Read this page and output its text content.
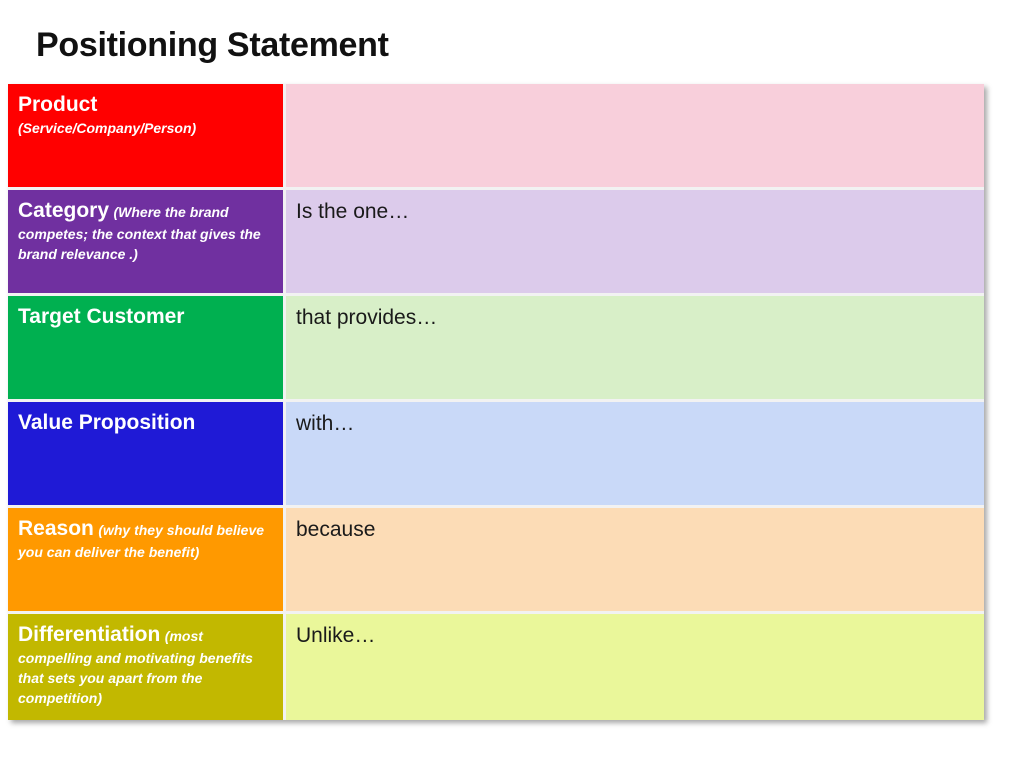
Positioning Statement
Product
(Service/Company/Person)
Category (Where the brand competes; the context that gives the brand relevance .)
Is the one…
Target Customer	that provides…
Value Proposition	with…
Reason (why they should believe you can deliver the benefit)
because
Differentiation (most compelling and motivating benefits that sets you apart from the competition)
Unlike…
